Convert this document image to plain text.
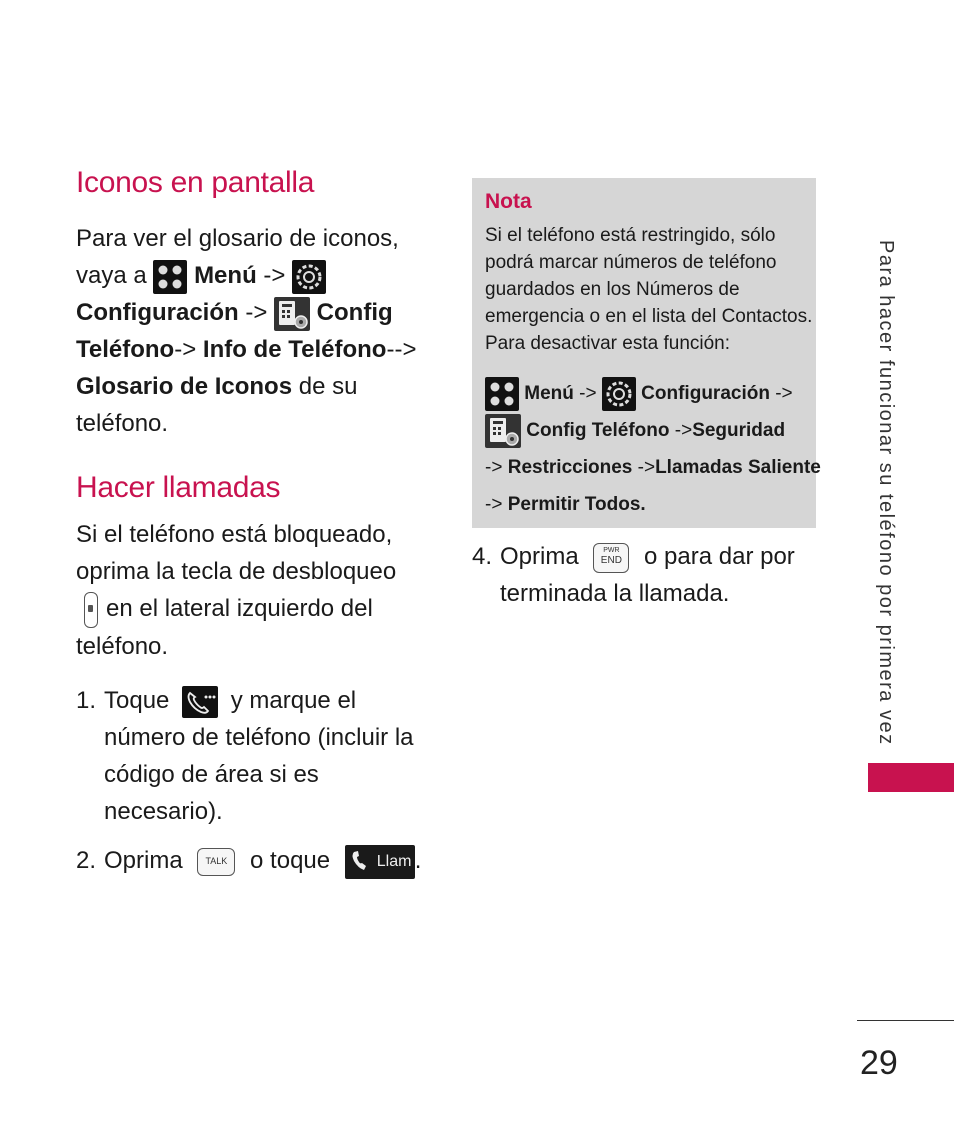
Iconos en pantalla
Para ver el glosario de iconos,
vaya a
Menú ->
Configuración ->
Config
Teléfono-> Info de Teléfono-->
Glosario de Iconos de su
teléfono.
Hacer llamadas
Si el teléfono está bloqueado,
oprima la tecla de desbloqueo
en el lateral izquierdo del
teléfono.
1. Toque	y marque el
número de teléfono (incluir la
código de área si es
necesario).
2. Oprima	TALK o toque	Llam .
Nota
Si el teléfono está restringido, sólo
podrá marcar números de teléfono
guardados en los Números de
emergencia o en el lista del Contactos.
Para desactivar esta función:
Menú -> Configuración ->
Config Teléfono ->Seguridad
-> Restricciones ->Llamadas Saliente
-> Permitir Todos.
4. Oprima	PWR
END o para dar por
terminada la llamada.	Para hacer funcionar su teléfono por primera vez
29
